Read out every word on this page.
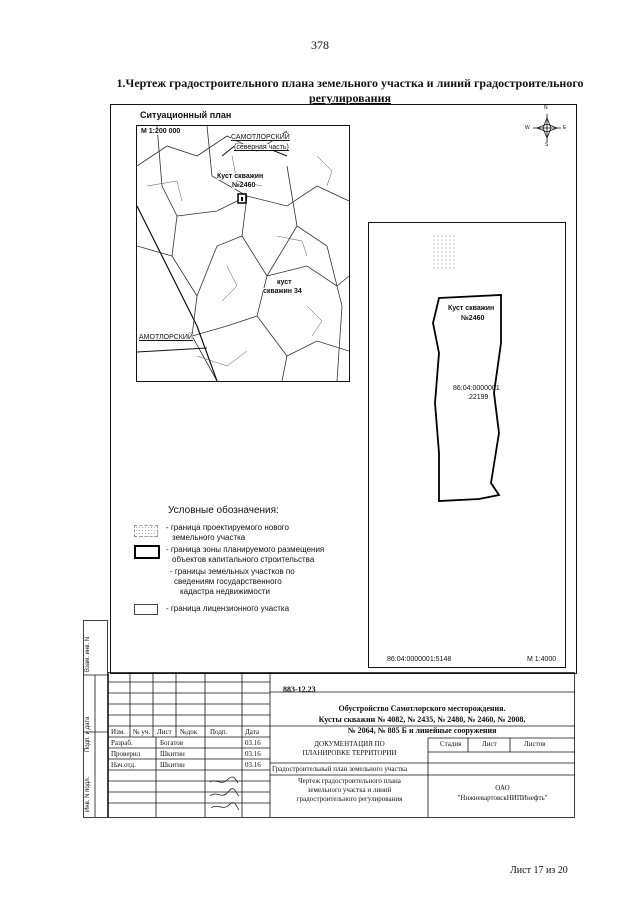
378
1.Чертеж градостроительного плана земельного участка и линий градостроительного
регулирования
Ситуационный план
М 1:200 000
САМОТЛОРСКИЙ
(северная часть)
Куст скважин
№2460
куст
скважин 34
АМОТЛОРСКИЙ
N
S
W	E
Куст скважин
№2460
86:04:0000001
:22199
86:04:0000001:5148	М 1:4000
Условные обозначения:
- граница проектируемого нового
земельного участка
- граница зоны планируемого размещения
объектов капитального строительства
- границы земельных участков по
сведениям государственного
кадастра недвижимости
- граница лицензионного участка
Взам. инв. N
Подп. и дата
Инв. N подл.
883-12.23
Обустройство Самотлорского месторождения.
Кусты скважин № 4082, № 2435, № 2480, № 2460, № 2008,
№ 2064, № 885 Б и линейные сооружения
Изм. № уч. Лист №док Подп.	Дата
Разраб.	Богатов	03.16
Проверил	Шкитин	03.16
Нач.отд.	Шкитин	03.16
ДОКУМЕНТАЦИЯ ПО
ПЛАНИРОВКЕ ТЕРРИТОРИИ
Стадия	Лист	Листов
Градостроительный план земельного участка
Чертеж градостроительного плана
земельного участка и линий
градостроительного регулирования
ОАО
"НижневартовскНИПИнефть"
Лист 17 из 20
